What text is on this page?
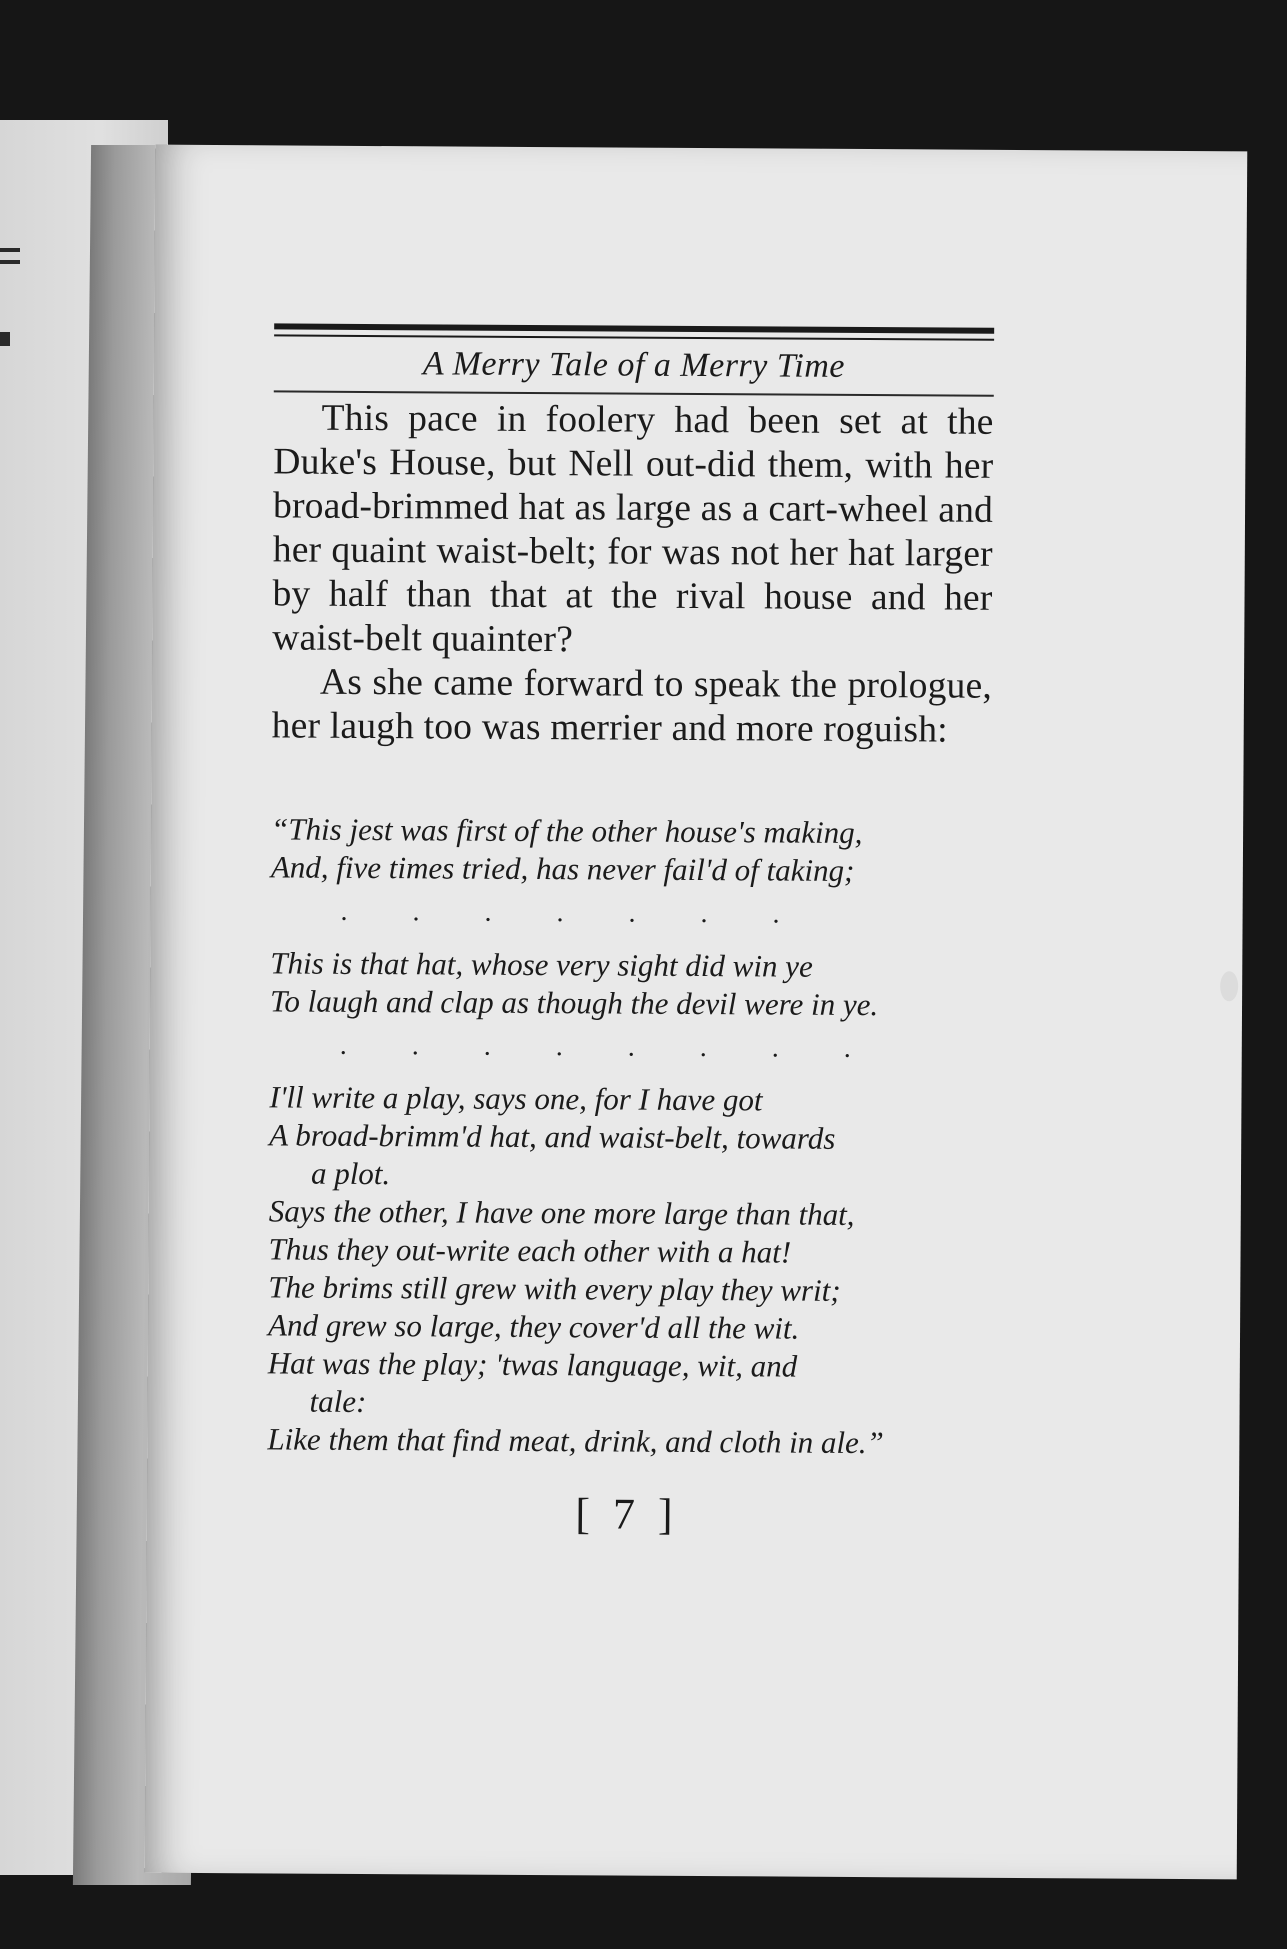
A Merry Tale of a Merry Time

This pace in foolery had been set at the Duke's House, but Nell out-did them, with her broad-brimmed hat as large as a cart-wheel and her quaint waist-belt; for was not her hat larger by half than that at the rival house and her waist-belt quainter?

As she came forward to speak the prologue, her laugh too was merrier and more roguish:

“This jest was first of the other house's making,
And, five times tried, has never fail'd of taking;
. . . . . . .
This is that hat, whose very sight did win ye
To laugh and clap as though the devil were in ye.
. . . . . . . .
I'll write a play, says one, for I have got
A broad-brimm'd hat, and waist-belt, towards
a plot.
Says the other, I have one more large than that,
Thus they out-write each other with a hat!
The brims still grew with every play they writ;
And grew so large, they cover'd all the wit.
Hat was the play; 'twas language, wit, and
tale:
Like them that find meat, drink, and cloth in ale.”
[ 7 ]
